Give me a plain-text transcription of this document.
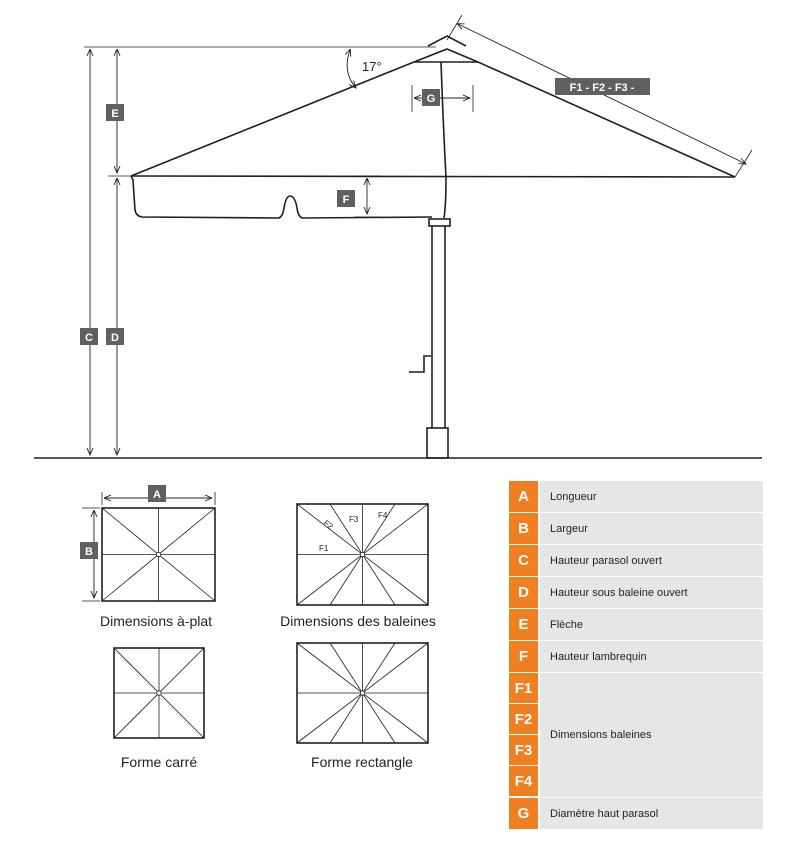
17°
E
C D
F
G
F1 - F2 - F3 -
A
B
Dimensions à-plat
F1
F2 F3 F4
Dimensions des baleines
Forme carré	Forme rectangle
A	Longueur
B	Largeur
C	Hauteur parasol ouvert
D	Hauteur sous baleine ouvert
E	Flèche
F	Hauteur lambrequin
F1
F2
F3
F4
Dimensions baleines
G	Diamètre haut parasol
